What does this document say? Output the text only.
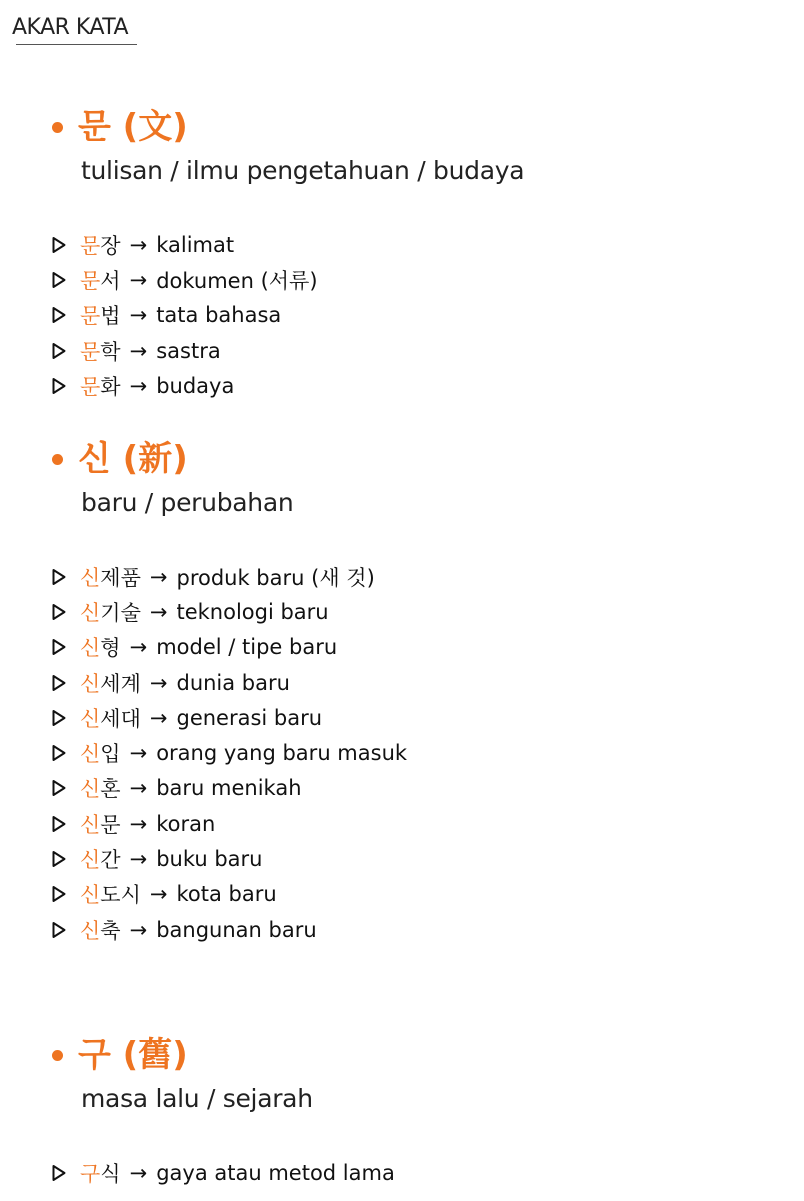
AKAR KATA
문 (文)
tulisan / ilmu pengetahuan / budaya
문 장 → kalimat
문 서 → dokumen (서류)
문 법 → tata bahasa
문 학 → sastra
문 화 → budaya
신 (新)
baru / perubahan
신 제품 → produk baru (새 것)
신 기술 → teknologi baru
신 형 → model / tipe baru
신 세계 → dunia baru
신 세대 → generasi baru
신 입 → orang yang baru masuk
신 혼 → baru menikah
신 문 → koran
신 간 → buku baru
신 도시 → kota baru
신 축 → bangunan baru
구 (舊)
masa lalu / sejarah
구 식 → gaya atau metod lama
